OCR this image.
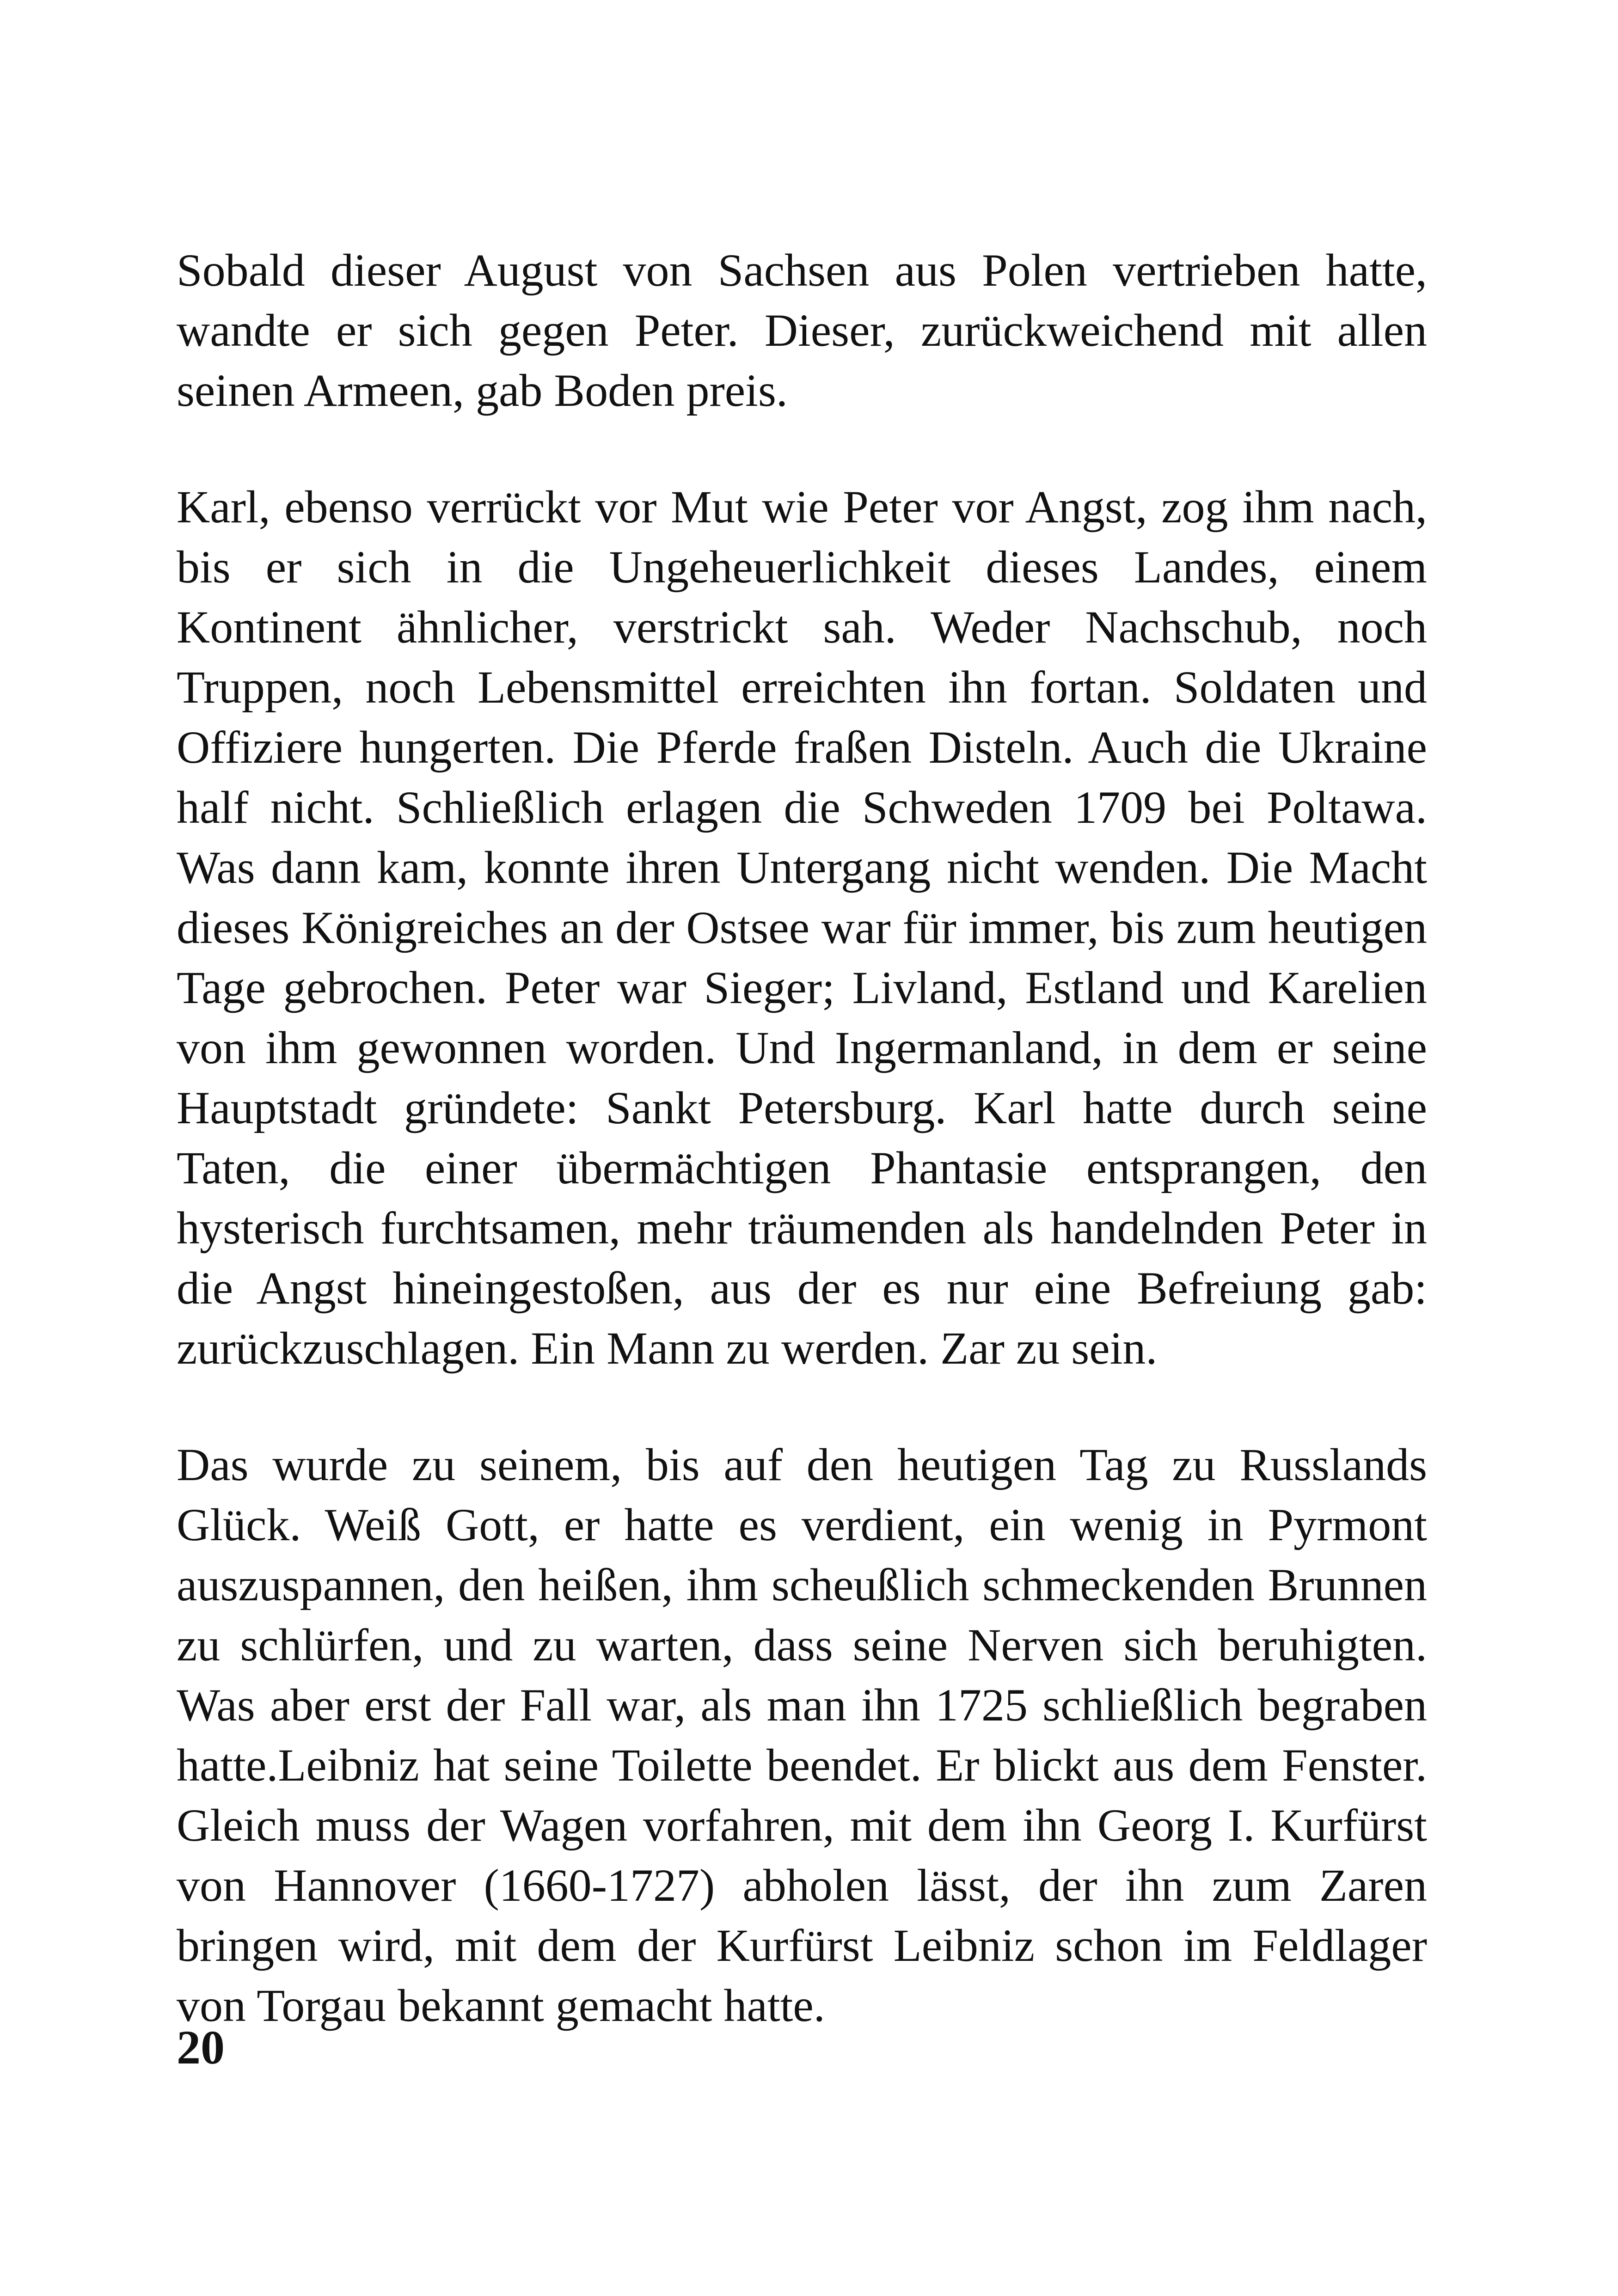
Sobald dieser August von Sachsen aus Polen vertrieben hatte, wandte er sich gegen Peter. Dieser, zurückweichend mit allen seinen Armeen, gab Boden preis.

Karl, ebenso verrückt vor Mut wie Peter vor Angst, zog ihm nach, bis er sich in die Ungeheuerlichkeit dieses Landes, einem Kontinent ähnlicher, verstrickt sah. Weder Nachschub, noch Truppen, noch Lebensmittel erreichten ihn fortan. Soldaten und Offiziere hungerten. Die Pferde fraßen Disteln. Auch die Ukraine half nicht. Schließlich erlagen die Schweden 1709 bei Poltawa. Was dann kam, konnte ihren Untergang nicht wenden. Die Macht dieses Königreiches an der Ostsee war für immer, bis zum heutigen Tage gebrochen. Peter war Sieger; Livland, Estland und Karelien von ihm gewonnen worden. Und Ingermanland, in dem er seine Hauptstadt gründete: Sankt Petersburg. Karl hatte durch seine Taten, die einer übermächtigen Phantasie entsprangen, den hysterisch furchtsamen, mehr träumenden als handelnden Peter in die Angst hineingestoßen, aus der es nur eine Befreiung gab: zurückzuschlagen. Ein Mann zu werden. Zar zu sein.

Das wurde zu seinem, bis auf den heutigen Tag zu Russlands Glück. Weiß Gott, er hatte es verdient, ein wenig in Pyrmont auszuspannen, den heißen, ihm scheußlich schmeckenden Brunnen zu schlürfen, und zu warten, dass seine Nerven sich beruhigten. Was aber erst der Fall war, als man ihn 1725 schließlich begraben hatte.Leibniz hat seine Toilette beendet. Er blickt aus dem Fenster. Gleich muss der Wagen vorfahren, mit dem ihn Georg I. Kurfürst von Hannover (1660-1727) abholen lässt, der ihn zum Zaren bringen wird, mit dem der Kurfürst Leibniz schon im Feldlager von Torgau bekannt gemacht hatte.

20
